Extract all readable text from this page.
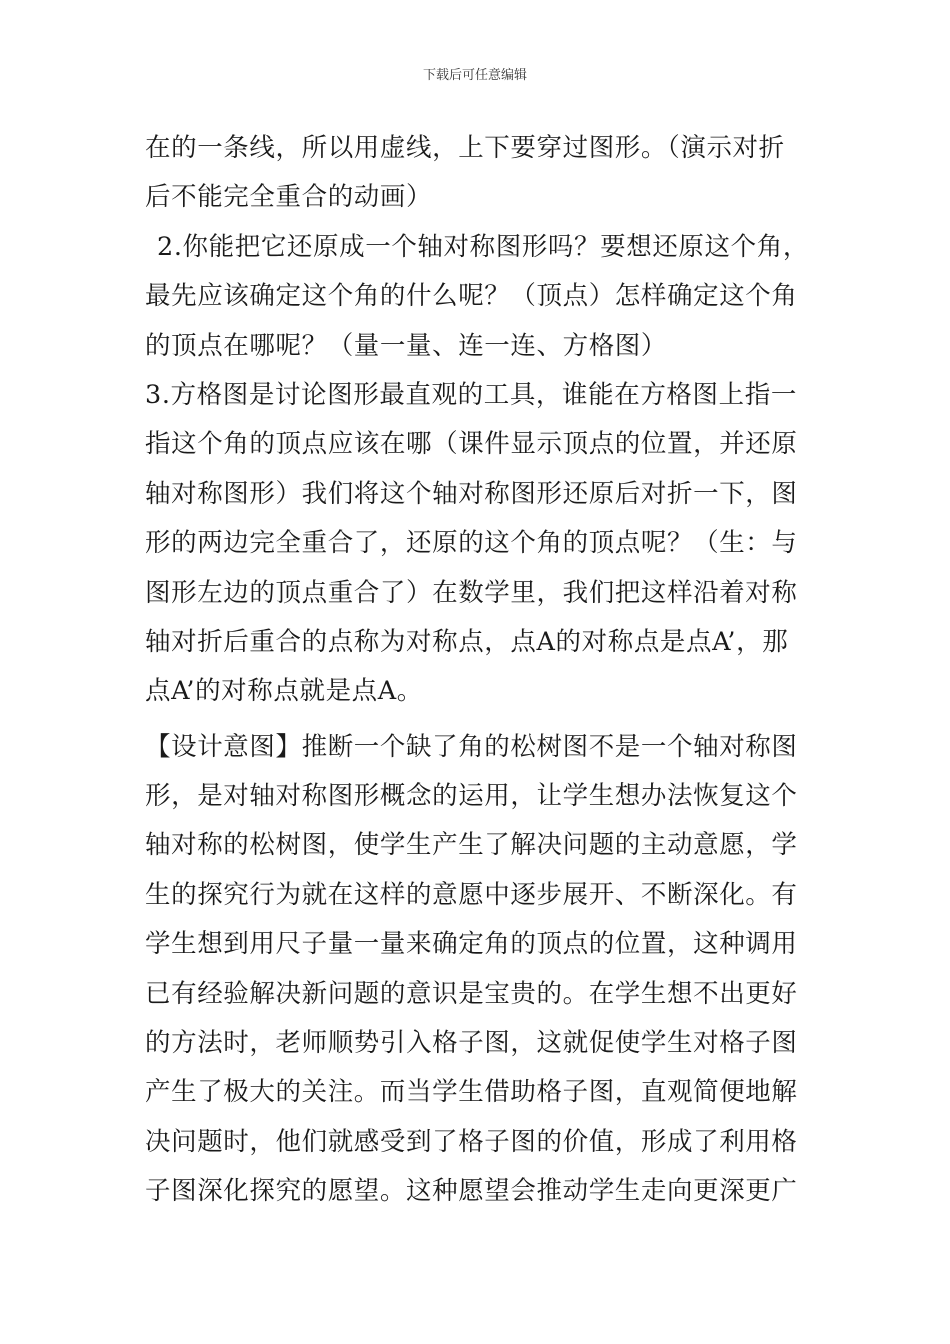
下载后可任意编辑
在的一条线，所以用虚线，上下要穿过图形。（演示对折
后不能完全重合的动画）
2.你能把它还原成一个轴对称图形吗？要想还原这个角，
最先应该确定这个角的什么呢？（顶点）怎样确定这个角
的顶点在哪呢？（量一量、连一连、方格图）
3.方格图是讨论图形最直观的工具，谁能在方格图上指一
指这个角的顶点应该在哪（课件显示顶点的位置，并还原
轴对称图形）我们将这个轴对称图形还原后对折一下，图
形的两边完全重合了，还原的这个角的顶点呢？（生：与
图形左边的顶点重合了）在数学里，我们把这样沿着对称
轴对折后重合的点称为对称点，点A的对称点是点A’，那
点A’的对称点就是点A。
【设计意图】推断一个缺了角的松树图不是一个轴对称图
形，是对轴对称图形概念的运用，让学生想办法恢复这个
轴对称的松树图，使学生产生了解决问题的主动意愿，学
生的探究行为就在这样的意愿中逐步展开、不断深化。有
学生想到用尺子量一量来确定角的顶点的位置，这种调用
已有经验解决新问题的意识是宝贵的。在学生想不出更好
的方法时，老师顺势引入格子图，这就促使学生对格子图
产生了极大的关注。而当学生借助格子图，直观简便地解
决问题时，他们就感受到了格子图的价值，形成了利用格
子图深化探究的愿望。这种愿望会推动学生走向更深更广
